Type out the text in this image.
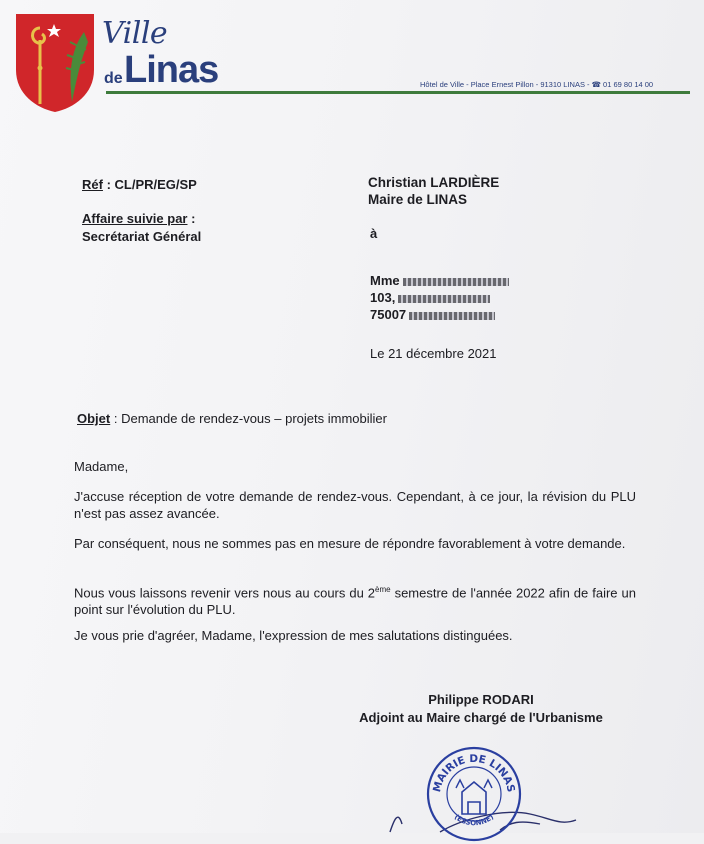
Ville
de Linas	Hôtel de Ville - Place Ernest Pillon - 91310 LINAS - ☎ 01 69 80 14 00
Réf : CL/PR/EG/SP
Affaire suivie par :
Secrétariat Général
Christian LARDIÈRE
Maire de LINAS
à
Mme
103,
75007
Le 21 décembre 2021
Objet : Demande de rendez-vous – projets immobilier
Madame,
J'accuse réception de votre demande de rendez-vous. Cependant, à ce jour, la révision du PLU n'est pas assez avancée.
Par conséquent, nous ne sommes pas en mesure de répondre favorablement à votre demande.
Nous vous laissons revenir vers nous au cours du 2ème semestre de l'année 2022 afin de faire un point sur l'évolution du PLU.
Je vous prie d'agréer, Madame, l'expression de mes salutations distinguées.
Philippe RODARI
Adjoint au Maire chargé de l'Urbanisme
MAIRIE DE LINAS
(ESSONNE)
